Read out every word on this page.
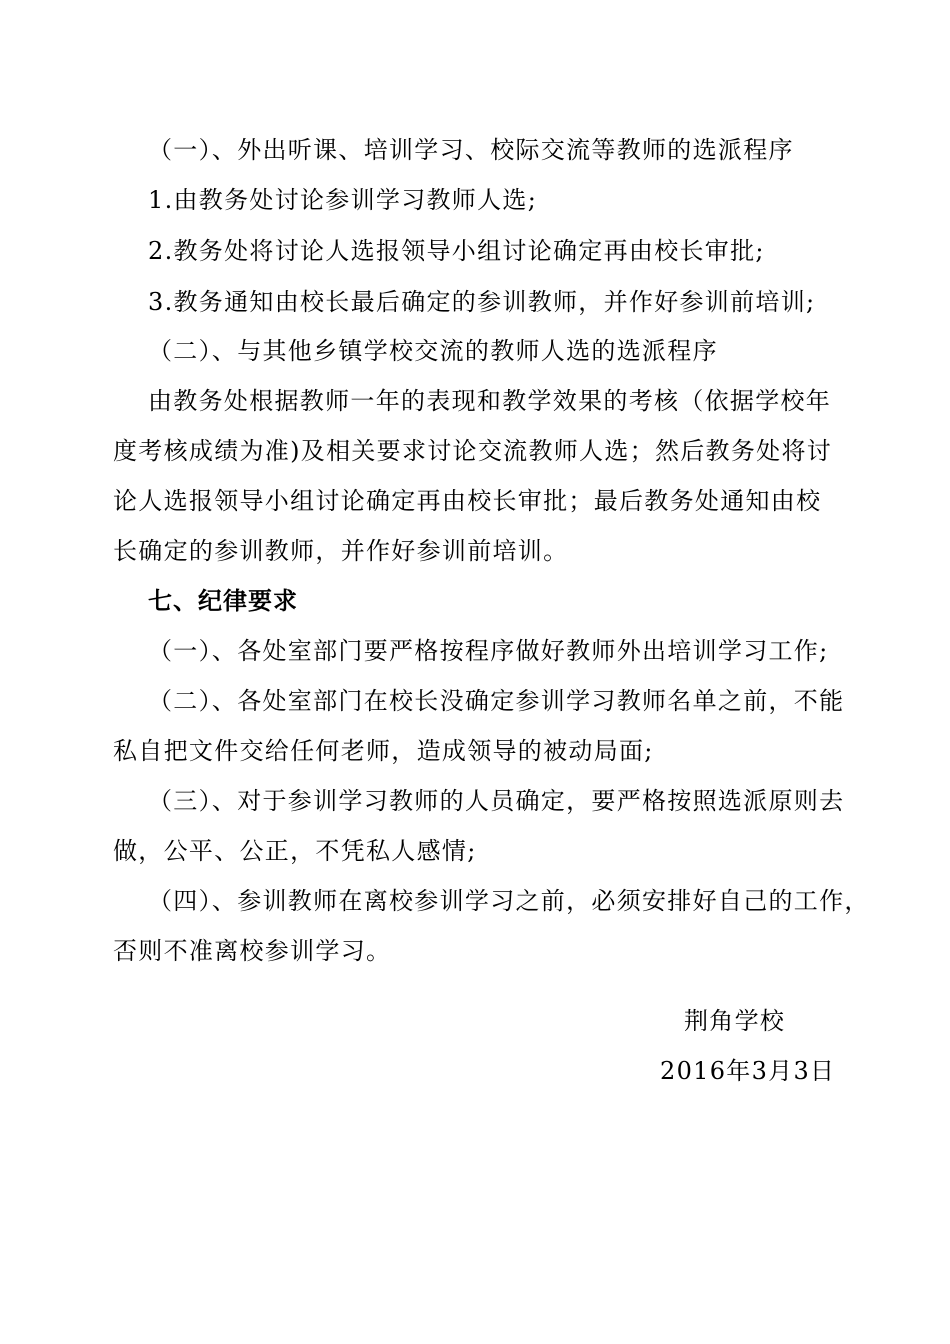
（一）、外出听课、培训学习、校际交流等教师的选派程序
1.由教务处讨论参训学习教师人选;
2.教务处将讨论人选报领导小组讨论确定再由校长审批;
3.教务通知由校长最后确定的参训教师，并作好参训前培训;
（二）、与其他乡镇学校交流的教师人选的选派程序
由教务处根据教师一年的表现和教学效果的考核（依据学校年
度考核成绩为准)及相关要求讨论交流教师人选；然后教务处将讨
论人选报领导小组讨论确定再由校长审批；最后教务处通知由校
长确定的参训教师，并作好参训前培训。
七、纪律要求
（一）、各处室部门要严格按程序做好教师外出培训学习工作;
（二）、各处室部门在校长没确定参训学习教师名单之前，不能
私自把文件交给任何老师，造成领导的被动局面;
（三）、对于参训学习教师的人员确定，要严格按照选派原则去
做，公平、公正，不凭私人感情;
（四）、参训教师在离校参训学习之前，必须安排好自己的工作，
否则不准离校参训学习。
荆角学校
2016年3月3日
